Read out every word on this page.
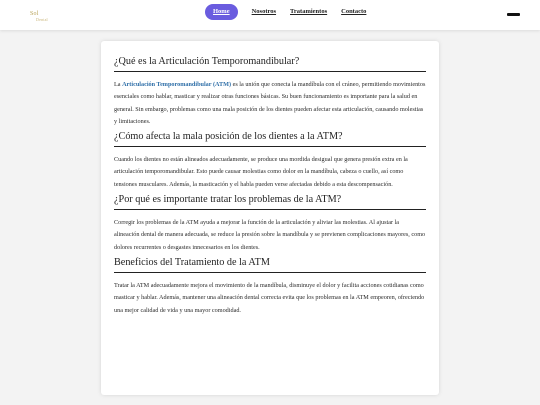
Sol
Dental
Home	Nosotros Tratamientos Contacto
¿Qué es la Articulación Temporomandibular?

La Articulación Temporomandibular (ATM) es la unión que conecta la mandíbula con el cráneo, permitiendo movimientos esenciales como hablar, masticar y realizar otras funciones básicas. Su buen funcionamiento es importante para la salud en general. Sin embargo, problemas como una mala posición de los dientes pueden afectar esta articulación, causando molestias y limitaciones.

¿Cómo afecta la mala posición de los dientes a la ATM?

Cuando los dientes no están alineados adecuadamente, se produce una mordida desigual que genera presión extra en la articulación temporomandibular. Esto puede causar molestias como dolor en la mandíbula, cabeza o cuello, así como tensiones musculares. Además, la masticación y el habla pueden verse afectadas debido a esta descompensación.

¿Por qué es importante tratar los problemas de la ATM?

Corregir los problemas de la ATM ayuda a mejorar la función de la articulación y aliviar las molestias. Al ajustar la alineación dental de manera adecuada, se reduce la presión sobre la mandíbula y se previenen complicaciones mayores, como dolores recurrentes o desgastes innecesarios en los dientes.

Beneficios del Tratamiento de la ATM

Tratar la ATM adecuadamente mejora el movimiento de la mandíbula, disminuye el dolor y facilita acciones cotidianas como masticar y hablar. Además, mantener una alineación dental correcta evita que los problemas en la ATM empeoren, ofreciendo una mejor calidad de vida y una mayor comodidad.
